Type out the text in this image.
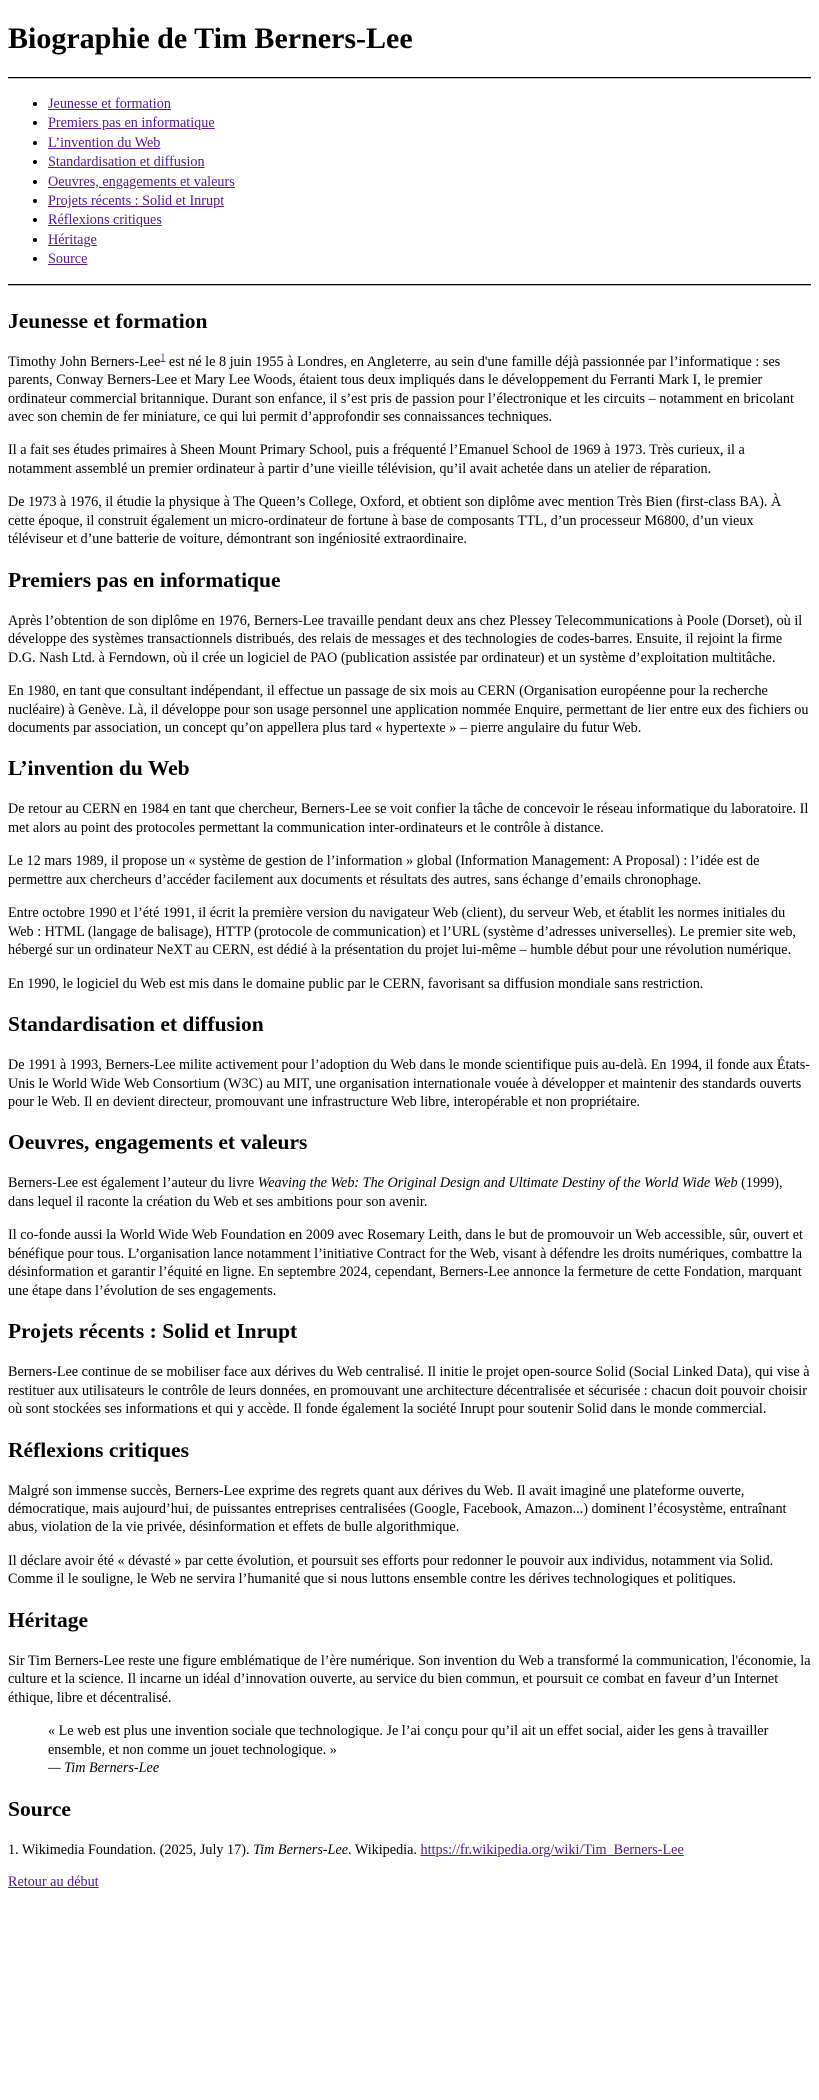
Biographie de Tim Berners-Lee
• Jeunesse et formation
• Premiers pas en informatique
• L’invention du Web
• Standardisation et diffusion
• Oeuvres, engagements et valeurs
• Projets récents : Solid et Inrupt
• Réflexions critiques
• Héritage
• Source
Jeunesse et formation

Timothy John Berners-Lee$^1$ est né le 8 juin 1955 à Londres, en Angleterre, au sein d'une famille déjà passionnée par l’informatique : ses parents, Conway Berners-Lee et Mary Lee Woods, étaient tous deux impliqués dans le développement du Ferranti Mark I, le premier ordinateur commercial britannique. Durant son enfance, il s’est pris de passion pour l’électronique et les circuits – notamment en bricolant avec son chemin de fer miniature, ce qui lui permit d’approfondir ses connaissances techniques.

Il a fait ses études primaires à Sheen Mount Primary School, puis a fréquenté l’Emanuel School de 1969 à 1973. Très curieux, il a notamment assemblé un premier ordinateur à partir d’une vieille télévision, qu’il avait achetée dans un atelier de réparation.

De 1973 à 1976, il étudie la physique à The Queen’s College, Oxford, et obtient son diplôme avec mention Très Bien (first-class BA). À cette époque, il construit également un micro-ordinateur de fortune à base de composants TTL, d’un processeur M6800, d’un vieux téléviseur et d’une batterie de voiture, démontrant son ingéniosité extraordinaire.

Premiers pas en informatique

Après l’obtention de son diplôme en 1976, Berners-Lee travaille pendant deux ans chez Plessey Telecommunications à Poole (Dorset), où il développe des systèmes transactionnels distribués, des relais de messages et des technologies de codes-barres. Ensuite, il rejoint la firme D.G. Nash Ltd. à Ferndown, où il crée un logiciel de PAO (publication assistée par ordinateur) et un système d’exploitation multitâche.

En 1980, en tant que consultant indépendant, il effectue un passage de six mois au CERN (Organisation européenne pour la recherche nucléaire) à Genève. Là, il développe pour son usage personnel une application nommée Enquire, permettant de lier entre eux des fichiers ou documents par association, un concept qu’on appellera plus tard « hypertexte » – pierre angulaire du futur Web.

L’invention du Web

De retour au CERN en 1984 en tant que chercheur, Berners-Lee se voit confier la tâche de concevoir le réseau informatique du laboratoire. Il met alors au point des protocoles permettant la communication inter-ordinateurs et le contrôle à distance.

Le 12 mars 1989, il propose un « système de gestion de l’information » global (Information Management: A Proposal) : l’idée est de permettre aux chercheurs d’accéder facilement aux documents et résultats des autres, sans échange d’emails chronophage.

Entre octobre 1990 et l’été 1991, il écrit la première version du navigateur Web (client), du serveur Web, et établit les normes initiales du Web : HTML (langage de balisage), HTTP (protocole de communication) et l’URL (système d’adresses universelles). Le premier site web, hébergé sur un ordinateur NeXT au CERN, est dédié à la présentation du projet lui-même – humble début pour une révolution numérique.

En 1990, le logiciel du Web est mis dans le domaine public par le CERN, favorisant sa diffusion mondiale sans restriction.

Standardisation et diffusion

De 1991 à 1993, Berners-Lee milite activement pour l’adoption du Web dans le monde scientifique puis au-delà. En 1994, il fonde aux États-Unis le World Wide Web Consortium (W3C) au MIT, une organisation internationale vouée à développer et maintenir des standards ouverts pour le Web. Il en devient directeur, promouvant une infrastructure Web libre, interopérable et non propriétaire.

Oeuvres, engagements et valeurs

Berners-Lee est également l’auteur du livre Weaving the Web: The Original Design and Ultimate Destiny of the World Wide Web (1999), dans lequel il raconte la création du Web et ses ambitions pour son avenir.

Il co-fonde aussi la World Wide Web Foundation en 2009 avec Rosemary Leith, dans le but de promouvoir un Web accessible, sûr, ouvert et bénéfique pour tous. L’organisation lance notamment l’initiative Contract for the Web, visant à défendre les droits numériques, combattre la désinformation et garantir l’équité en ligne. En septembre 2024, cependant, Berners-Lee annonce la fermeture de cette Fondation, marquant une étape dans l’évolution de ses engagements.

Projets récents : Solid et Inrupt

Berners-Lee continue de se mobiliser face aux dérives du Web centralisé. Il initie le projet open-source Solid (Social Linked Data), qui vise à restituer aux utilisateurs le contrôle de leurs données, en promouvant une architecture décentralisée et sécurisée : chacun doit pouvoir choisir où sont stockées ses informations et qui y accède. Il fonde également la société Inrupt pour soutenir Solid dans le monde commercial.

Réflexions critiques

Malgré son immense succès, Berners-Lee exprime des regrets quant aux dérives du Web. Il avait imaginé une plateforme ouverte, démocratique, mais aujourd’hui, de puissantes entreprises centralisées (Google, Facebook, Amazon...) dominent l’écosystème, entraînant abus, violation de la vie privée, désinformation et effets de bulle algorithmique.

Il déclare avoir été « dévasté » par cette évolution, et poursuit ses efforts pour redonner le pouvoir aux individus, notamment via Solid. Comme il le souligne, le Web ne servira l’humanité que si nous luttons ensemble contre les dérives technologiques et politiques.

Héritage

Sir Tim Berners-Lee reste une figure emblématique de l’ère numérique. Son invention du Web a transformé la communication, l'économie, la culture et la science. Il incarne un idéal d’innovation ouverte, au service du bien commun, et poursuit ce combat en faveur d’un Internet éthique, libre et décentralisé.

« Le web est plus une invention sociale que technologique. Je l’ai conçu pour qu’il ait un effet social, aider les gens à travailler ensemble, et non comme un jouet technologique. »
— Tim Berners-Lee
Source

1. Wikimedia Foundation. (2025, July 17). Tim Berners-Lee. Wikipedia. https://fr.wikipedia.org/wiki/Tim_Berners-Lee

Retour au début
